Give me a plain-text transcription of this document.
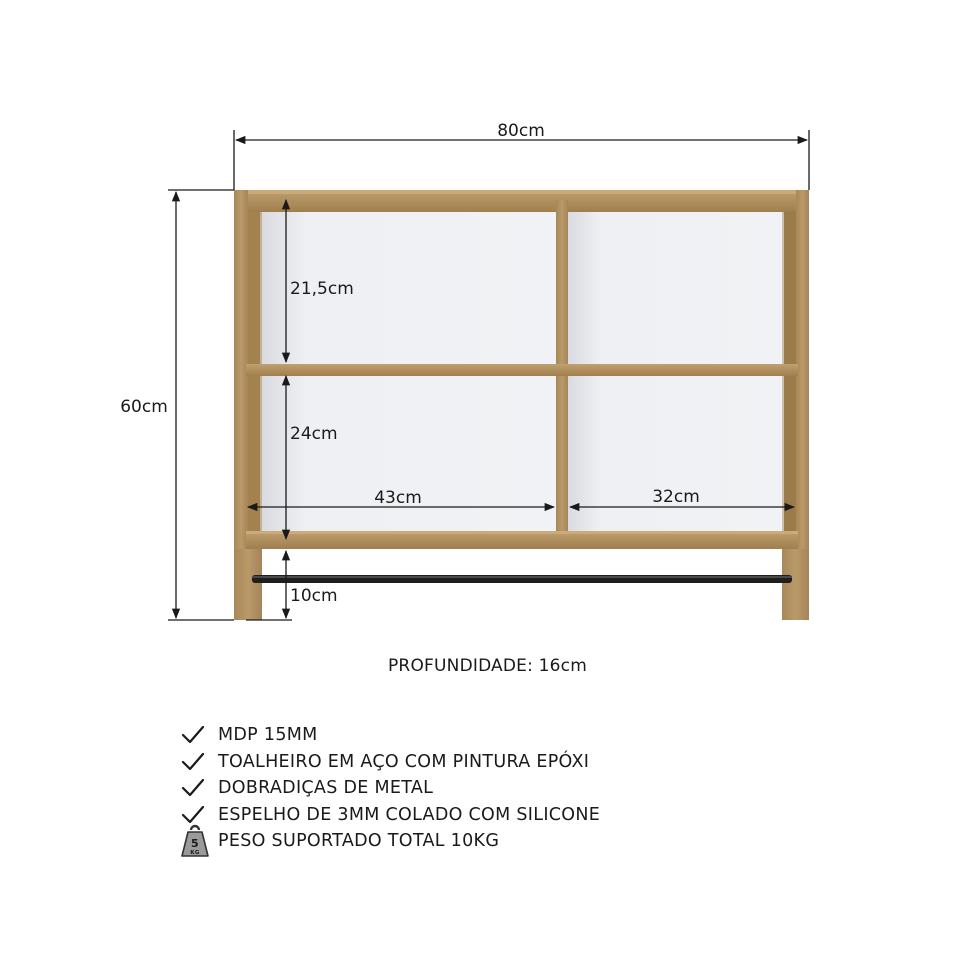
80cm
60cm
21,5cm
24cm
43cm	32cm
10cm
PROFUNDIDADE: 16cm
MDP 15MM
TOALHEIRO EM AÇO COM PINTURA EPÓXI
DOBRADIÇAS DE METAL
ESPELHO DE 3MM COLADO COM SILICONE
5
KG
PESO SUPORTADO TOTAL 10KG
